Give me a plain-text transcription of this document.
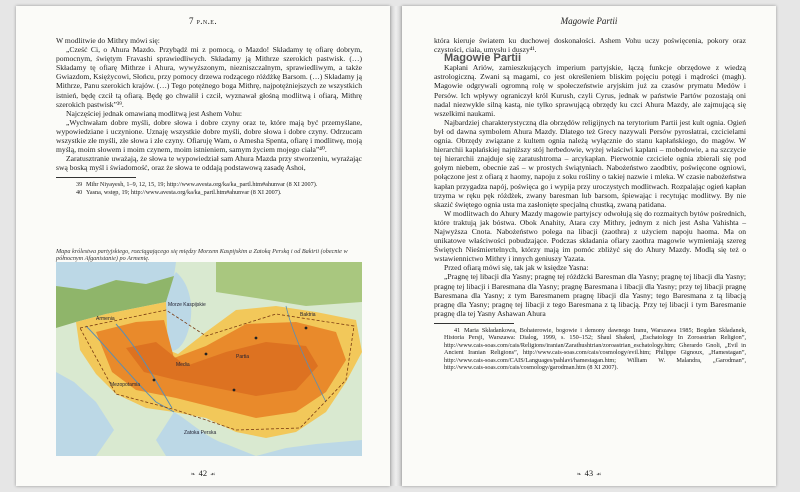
7 p.n.e.

W modlitwie do Mithry mówi się:

„Cześć Ci, o Ahura Mazdo. Przybądź mi z pomocą, o Mazdo! Składamy tę ofiarę dobrym, pomocnym, świętym Fravashi sprawiedliwych. Składamy ją Mithrze szerokich pastwisk. (…) Składamy tę ofiarę Mithrze i Ahura, wywyższonym, niezniszczalnym, sprawiedliwym, a także Gwiazdom, Księżycowi, Słońcu, przy pomocy drzewa rodzącego różdżkę Barsom. (…) Składamy ją Mithrze, Panu szerokich krajów. (…) Tego potężnego boga Mithrę, najpotężniejszych ze wszystkich istnień, będę czcił tą ofiarą. Będę go chwalił i czcił, wyznawał głośną modlitwą i ofiarą, Mithrę szerokich pastwisk”³⁹.

Najczęściej jednak omawianą modlitwą jest Ashem Vohu:

„Wychwałam dobre myśli, dobre słowa i dobre czyny oraz te, które mają być przemyślane, wypowiedziane i uczynione. Uznaję wszystkie dobre myśli, dobre słowa i dobre czyny. Odrzucam wszystkie złe myśli, złe słowa i złe czyny. Ofiaruję Wam, o Amesha Spenta, ofiarę i modlitwę, moją myślą, moim słowem i moim czynem, moim istnieniem, samym życiem mojego ciała”⁴⁰.

Zaratusztranie uważają, że słowa te wypowiedział sam Ahura Mazda przy stworzeniu, wyrażając swą boską myśl i świadomość, oraz że słowa te oddają podstawową zasadę Ashoi,

39 Mihr Niyayesh, 1–9, 12, 15, 19; http://www.avesta.org/ka/ka_partl.htm#ahunvar (8 XI 2007).

40 Yasna, wstęp, 19; http://www.avesta.org/ka/ka_partl.htm#ahunvar (8 XI 2007).

Mapa królestwa partyjskiego, rozciągającego się między Morzem Kaspijskim a Zatoką Perską i od Bakirii (obecnie w północnym Afganistanie) po Armenię.
Morze Kaspijskie
Armenia
Baktria
Partia
Zatoka Perska
Mezopotamia
Media
❧ 42 ☙
Magowie Partii

która kieruje światem ku duchowej doskonałości. Ashem Vohu uczy poświęcenia, pokory oraz czystości, ciała, umysłu i duszy⁴¹.

Magowie Partii

Kapłani Ariów, zamieszkujących imperium partyjskie, łączą funkcje obrzędowe z wiedzą astrologiczną. Zwani są magami, co jest określeniem bliskim pojęciu potęgi i mądrości (magh). Magowie odgrywali ogromną rolę w społeczeństwie aryjskim już za czasów prymatu Medów i Persów. Ich wpływy ograniczył król Kurush, czyli Cyrus, jednak w państwie Partów pozostają oni nadal niezwykle silną kastą, nie tylko sprawującą obrzędy ku czci Ahura Mazdy, ale zajmującą się wszelkimi naukami.

Najbardziej charakterystyczną dla obrzędów religijnych na terytorium Partii jest kult ognia. Ogień był od dawna symbolem Ahura Mazdy. Dlatego też Grecy nazywali Persów pyrosłatrai, czcicielami ognia. Obrzędy związane z kultem ognia należą wyłącznie do stanu kapłańskiego, do magów. W hierarchii kapłańskiej najniższy stój herbedowie, wyżej właściwi kapłani – mobedowie, a na szczycie tej hierarchii znajduje się zaratushtroma – arcykapłan. Pierwotnie czciciele ognia zbierali się pod gołym niebem, obecnie zaś – w prostych świątyniach. Nabożeństwo zaodbtiv, poświęcone ogniowi, połączone jest z ofiarą z haomy, napoju z soku rośliny o takiej nazwie i mleka. W czasie nabożeństwa kapłan przygadza napój, poświęca go i wypija przy uroczystych modlitwach. Rozpalając ogień kapłan trzyma w ręku pęk różdżek, zwany baresman lub barsom, śpiewając i recytując modlitwy. By nie skazić świętego ognia usta ma zasłonięte specjalną chustką, zwaną patidana.

W modlitwach do Ahury Mazdy magowie partyjscy odwołują się do rozmaitych bytów pośrednich, które traktują jak bóstwa. Obok Anahity, Atara czy Mithry, jednym z nich jest Asha Vahishta – Najwyższa Cnota. Nabożeństwo polega na libacji (zaothra) z użyciem napoju haoma. Ma on unikatowe właściwości pobudzające. Podczas składania ofiary zaothra magowie wymieniają szereg Świętych Nieśmiertelnych, którzy mają im pomóc zbliżyć się do Ahury Mazdy. Modlą się też o wstawiennictwo Mithry i innych geniuszy Yazata.

Przed ofiarą mówi się, tak jak w księdze Yasna:

„Pragnę tej libacji dla Yasny; pragnę tej różdżcki Baresman dla Yasny; pragnę tej libacji dla Yasny; pragnę tej libacji i Baresmana dla Yasny; pragnę Baresmana i libacji dla Yasny; przy tej libacji pragnę Baresmana dla Yasny; z tym Baresmanem pragnę libacji dla Yasny; tego Baresmana z tą libacją pragnę dla Yasny; pragnę tej libacji z tego Baresmana z tą libacją. Przy tej libacji i tym Baresmanie pragnę dla tej Yasny Ashawan Ahura

41 Maria Składankowa, Bohaterowie, bogowie i demony dawnego Iranu, Warszawa 1985; Bogdan Składanek, Historia Persji, Warszawa: Dialog, 1999, s. 150–152; Shaul Shaked, „Eschatology In Zoroastrian Religion”, http://www.cais-soas.com/cais/Religions/iranian/Zarathushtrian/zoroastrian_eschatology.htm; Gherardo Gnoli, „Evil in Ancient Iranian Religions”, http://www.cais-soas.com/cais/cosmology/evil.htm; Philippe Gignoux, „Hamestagan”, http://www.cais-soas.com/CAIS/Languages/pahlavi/hamestagan.htm; William W. Malandra, „Garodman”, http://www.cais-soas.com/cais/cosmology/garodman.htm (8 XI 2007).

❧ 43 ☙
